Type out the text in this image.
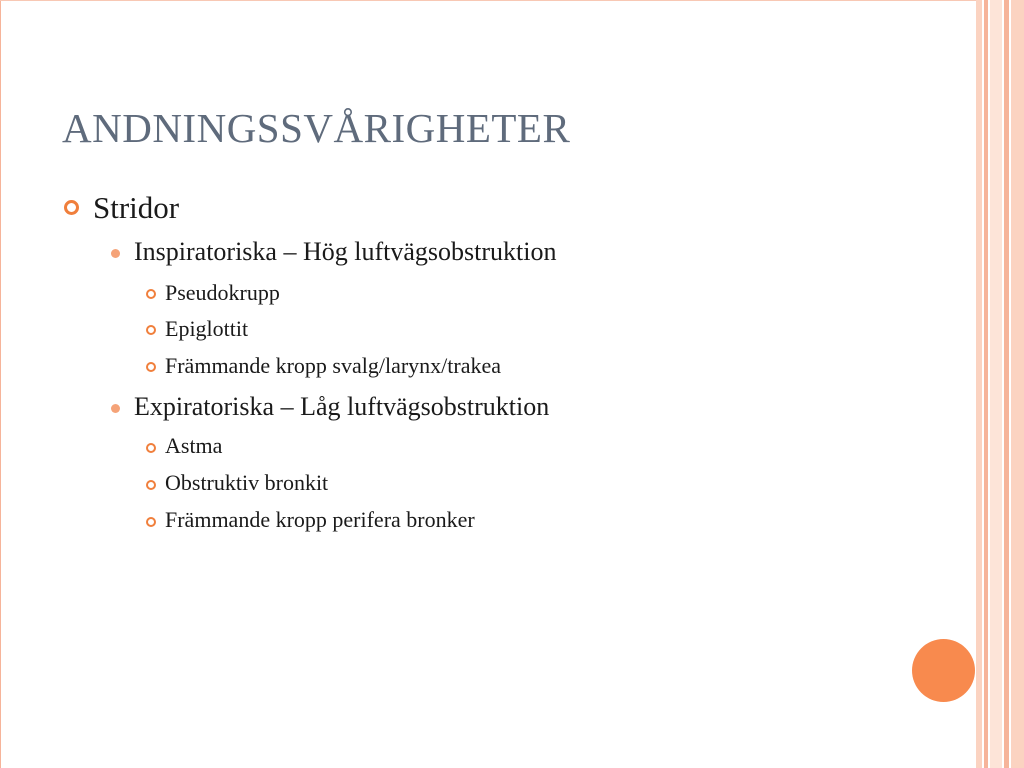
ANDNINGSSVÅRIGHETER
Stridor
Inspiratoriska – Hög luftvägsobstruktion
Pseudokrupp
Epiglottit
Främmande kropp svalg/larynx/trakea
Expiratoriska – Låg luftvägsobstruktion
Astma
Obstruktiv bronkit
Främmande kropp perifera bronker
